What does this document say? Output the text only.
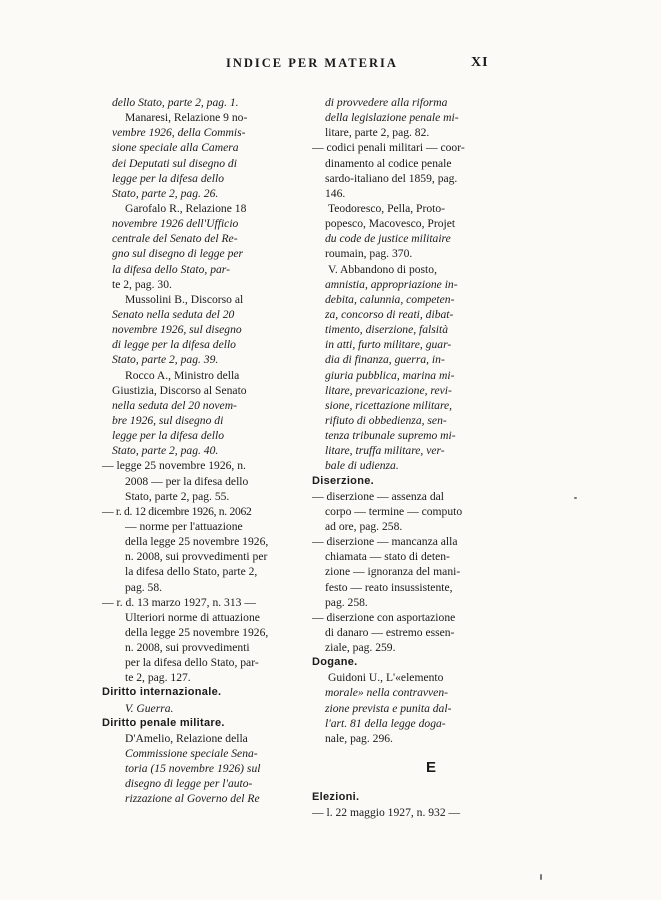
INDICE PER MATERIA	XI
dello Stato, parte 2, pag. 1.
Manaresi, Relazione 9 no-
vembre 1926, della Commis-
sione speciale alla Camera
dei Deputati sul disegno di
legge per la difesa dello
Stato, parte 2, pag. 26.
Garofalo R., Relazione 18
novembre 1926 dell'Ufficio
centrale del Senato del Re-
gno sul disegno di legge per
la difesa dello Stato, par-
te 2, pag. 30.
Mussolini B., Discorso al
Senato nella seduta del 20
novembre 1926, sul disegno
di legge per la difesa dello
Stato, parte 2, pag. 39.
Rocco A., Ministro della
Giustizia, Discorso al Senato
nella seduta del 20 novem-
bre 1926, sul disegno di
legge per la difesa dello
Stato, parte 2, pag. 40.
— legge 25 novembre 1926, n.
2008 — per la difesa dello
Stato, parte 2, pag. 55.
— r. d. 12 dicembre 1926, n. 2062
— norme per l'attuazione
della legge 25 novembre 1926,
n. 2008, sui provvedimenti per
la difesa dello Stato, parte 2,
pag. 58.
— r. d. 13 marzo 1927, n. 313 —
Ulteriori norme di attuazione
della legge 25 novembre 1926,
n. 2008, sui provvedimenti
per la difesa dello Stato, par-
te 2, pag. 127.
Diritto internazionale.
V. Guerra.
Diritto penale militare.
D'Amelio, Relazione della
Commissione speciale Sena-
toria (15 novembre 1926) sul
disegno di legge per l'auto-
rizzazione al Governo del Re
di provvedere alla riforma
della legislazione penale mi-
litare, parte 2, pag. 82.
— codici penali militari — coor-
dinamento al codice penale
sardo-italiano del 1859, pag.
146.
Teodoresco, Pella, Proto-
popesco, Macovesco, Projet
du code de justice militaire
roumain, pag. 370.
V. Abbandono di posto,
amnistia, appropriazione in-
debita, calunnia, competen-
za, concorso di reati, dibat-
timento, diserzione, falsità
in atti, furto militare, guar-
dia di finanza, guerra, in-
giuria pubblica, marina mi-
litare, prevaricazione, revi-
sione, ricettazione militare,
rifiuto di obbedienza, sen-
tenza tribunale supremo mi-
litare, truffa militare, ver-
bale di udienza.
Diserzione.
— diserzione — assenza dal
corpo — termine — computo
ad ore, pag. 258.
— diserzione — mancanza alla
chiamata — stato di deten-
zione — ignoranza del mani-
festo — reato insussistente,
pag. 258.
— diserzione con asportazione
di danaro — estremo essen-
ziale, pag. 259.
Dogane.
Guidoni U., L'«elemento
morale» nella contravven-
zione prevista e punita dal-
l'art. 81 della legge doga-
nale, pag. 296.
E
Elezioni.
— l. 22 maggio 1927, n. 932 —
